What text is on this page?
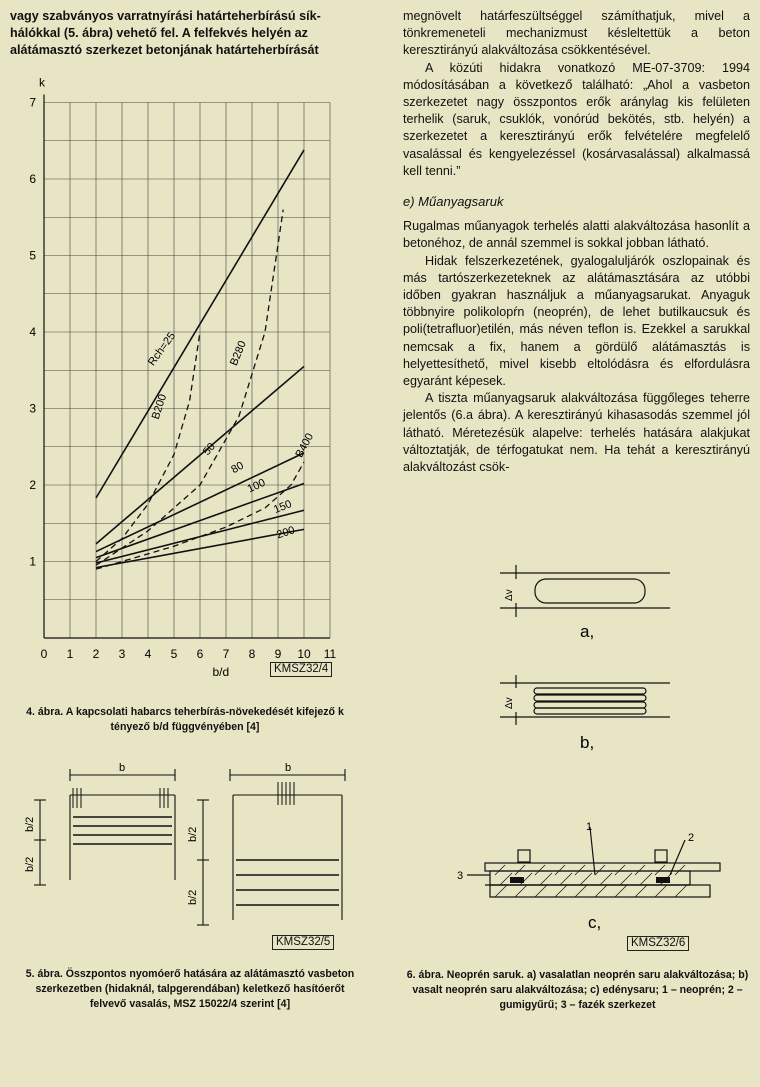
vagy szabványos varratnyírási határteherbírású sík-

hálókkal (5. ábra) vehető fel. A felfekvés helyén az

alátámasztó szerkezet betonjának határteherbírását

megnövelt határfeszültséggel számíthatjuk, mivel a tönkremeneteli mechanizmust késleltettük a beton keresztirányú alakváltozása csökkentésével.

A közúti hidakra vonatkozó ME-07-3709: 1994 módosításában a következő található: „Ahol a vasbeton szerkezetet nagy összpontos erők aránylag kis felületen terhelik (saruk, csuklók, vonórúd bekötés, stb. helyén) a szerkezetet a keresztirányú erők felvételére megfelelő vasalással és kengyelezéssel (kosárvasalással) alkalmassá kell tenni.”

e) Műanyagsaruk

Rugalmas műanyagok terhelés alatti alakváltozása hasonlít a betonéhoz, de annál szemmel is sokkal jobban látható.

Hidak felszerkezetének, gyalogaluljárók oszlopainak és más tartószerkezeteknek az alátámasztására az utóbbi időben gyakran használjuk a műanyagsarukat. Anyaguk többnyire polikolopŕn (neoprén), de lehet butilkaucsuk és poli(tetrafluor)etilén, más néven teflon is. Ezekkel a sarukkal nemcsak a fix, hanem a gördülő alátámasztás is helyettesíthető, mivel kisebb eltolódásra és elfordulásra egyaránt képesek.

A tiszta műanyagsaruk alakváltozása függőleges teherre jelentős (6.a ábra). A keresztirányú kihasasodás szemmel jól látható. Méretezésük alapelve: terhelés hatására alakjukat változtatják, de térfogatukat nem. Ha tehát a keresztirányú alakváltozást csök-

0 1 2 3 4 5 6 7 8 9 10 11
1
2
3
4
5
6
7
k
b/d
Rch=25
50
80
100
150
200
B200
B280
B400
KMSZ32/4
4. ábra. A kapcsolati habarcs teherbírás-növekedését kifejező k tényező b/d függvényében [4]
b	b
b/2
b/2
b/2
b/2
KMSZ32/5
5. ábra. Összpontos nyomóerő hatására az alátámasztó vasbeton szerkezetben (hidaknál, talpgerendában) keletkező hasítóerőt felvevő vasalás, MSZ 15022/4 szerint [4]
Δv
Δv
a,
b,
c,
1
2
3
KMSZ32/6
6. ábra. Neoprén saruk. a) vasalatlan neoprén saru alakváltozása; b) vasalt neoprén saru alakváltozása; c) edénysaru; 1 – neoprén; 2 – gumigyűrű; 3 – fazék szerkezet
